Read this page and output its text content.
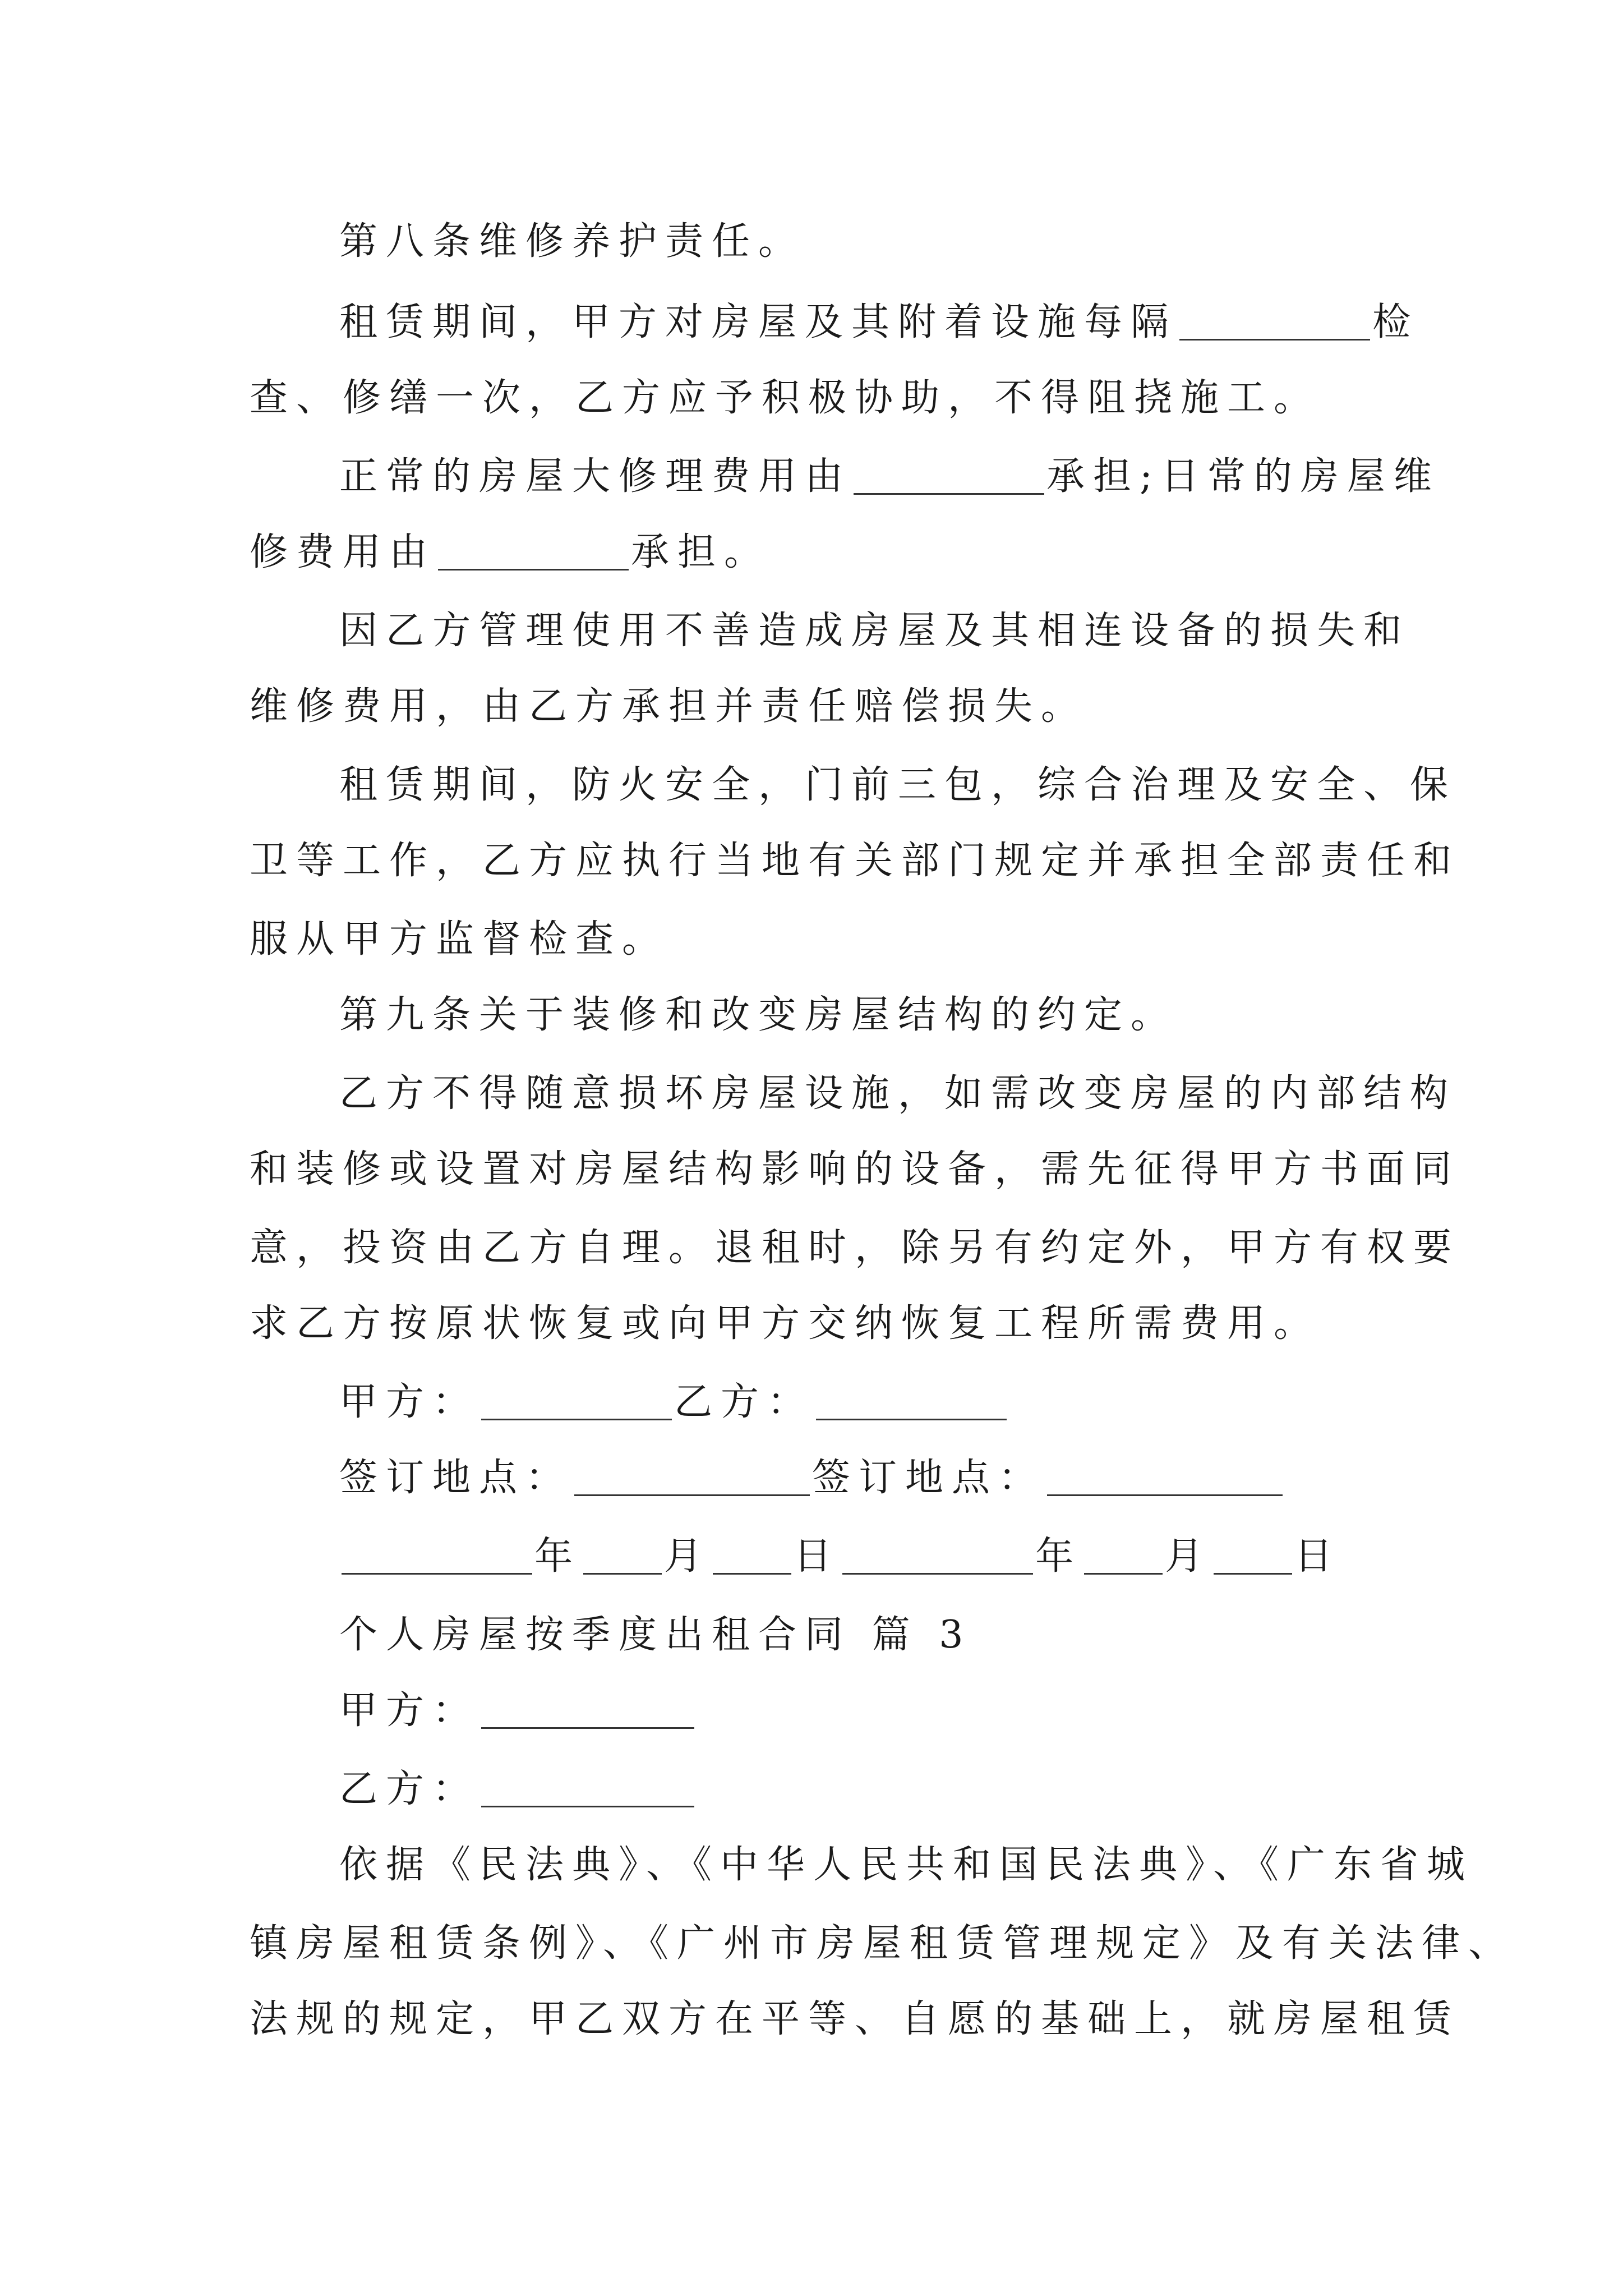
第八条维修养护责任。
租赁期间，甲方对房屋及其附着设施每隔	检
查、修缮一次，乙方应予积极协助，不得阻挠施工。
正常的房屋大修理费用由	承担;日常的房屋维
修费用由	承担。
因乙方管理使用不善造成房屋及其相连设备的损失和
维修费用，由乙方承担并责任赔偿损失。
租赁期间，防火安全，门前三包，综合治理及安全、保
卫等工作，乙方应执行当地有关部门规定并承担全部责任和
服从甲方监督检查。
第九条关于装修和改变房屋结构的约定。
乙方不得随意损坏房屋设施，如需改变房屋的内部结构
和装修或设置对房屋结构影响的设备，需先征得甲方书面同
意，投资由乙方自理。退租时，除另有约定外，甲方有权要
求乙方按原状恢复或向甲方交纳恢复工程所需费用。
甲方：	乙方：
签订地点：	签订地点：
年 月 日	年 月 日
个人房屋按季度出租合同 篇 3
甲方：
乙方：
依据《民法典》、《中华人民共和国民法典》、《广东省城
镇房屋租赁条例》、《广州市房屋租赁管理规定》及有关法律、
法规的规定，甲乙双方在平等、自愿的基础上，就房屋租赁
